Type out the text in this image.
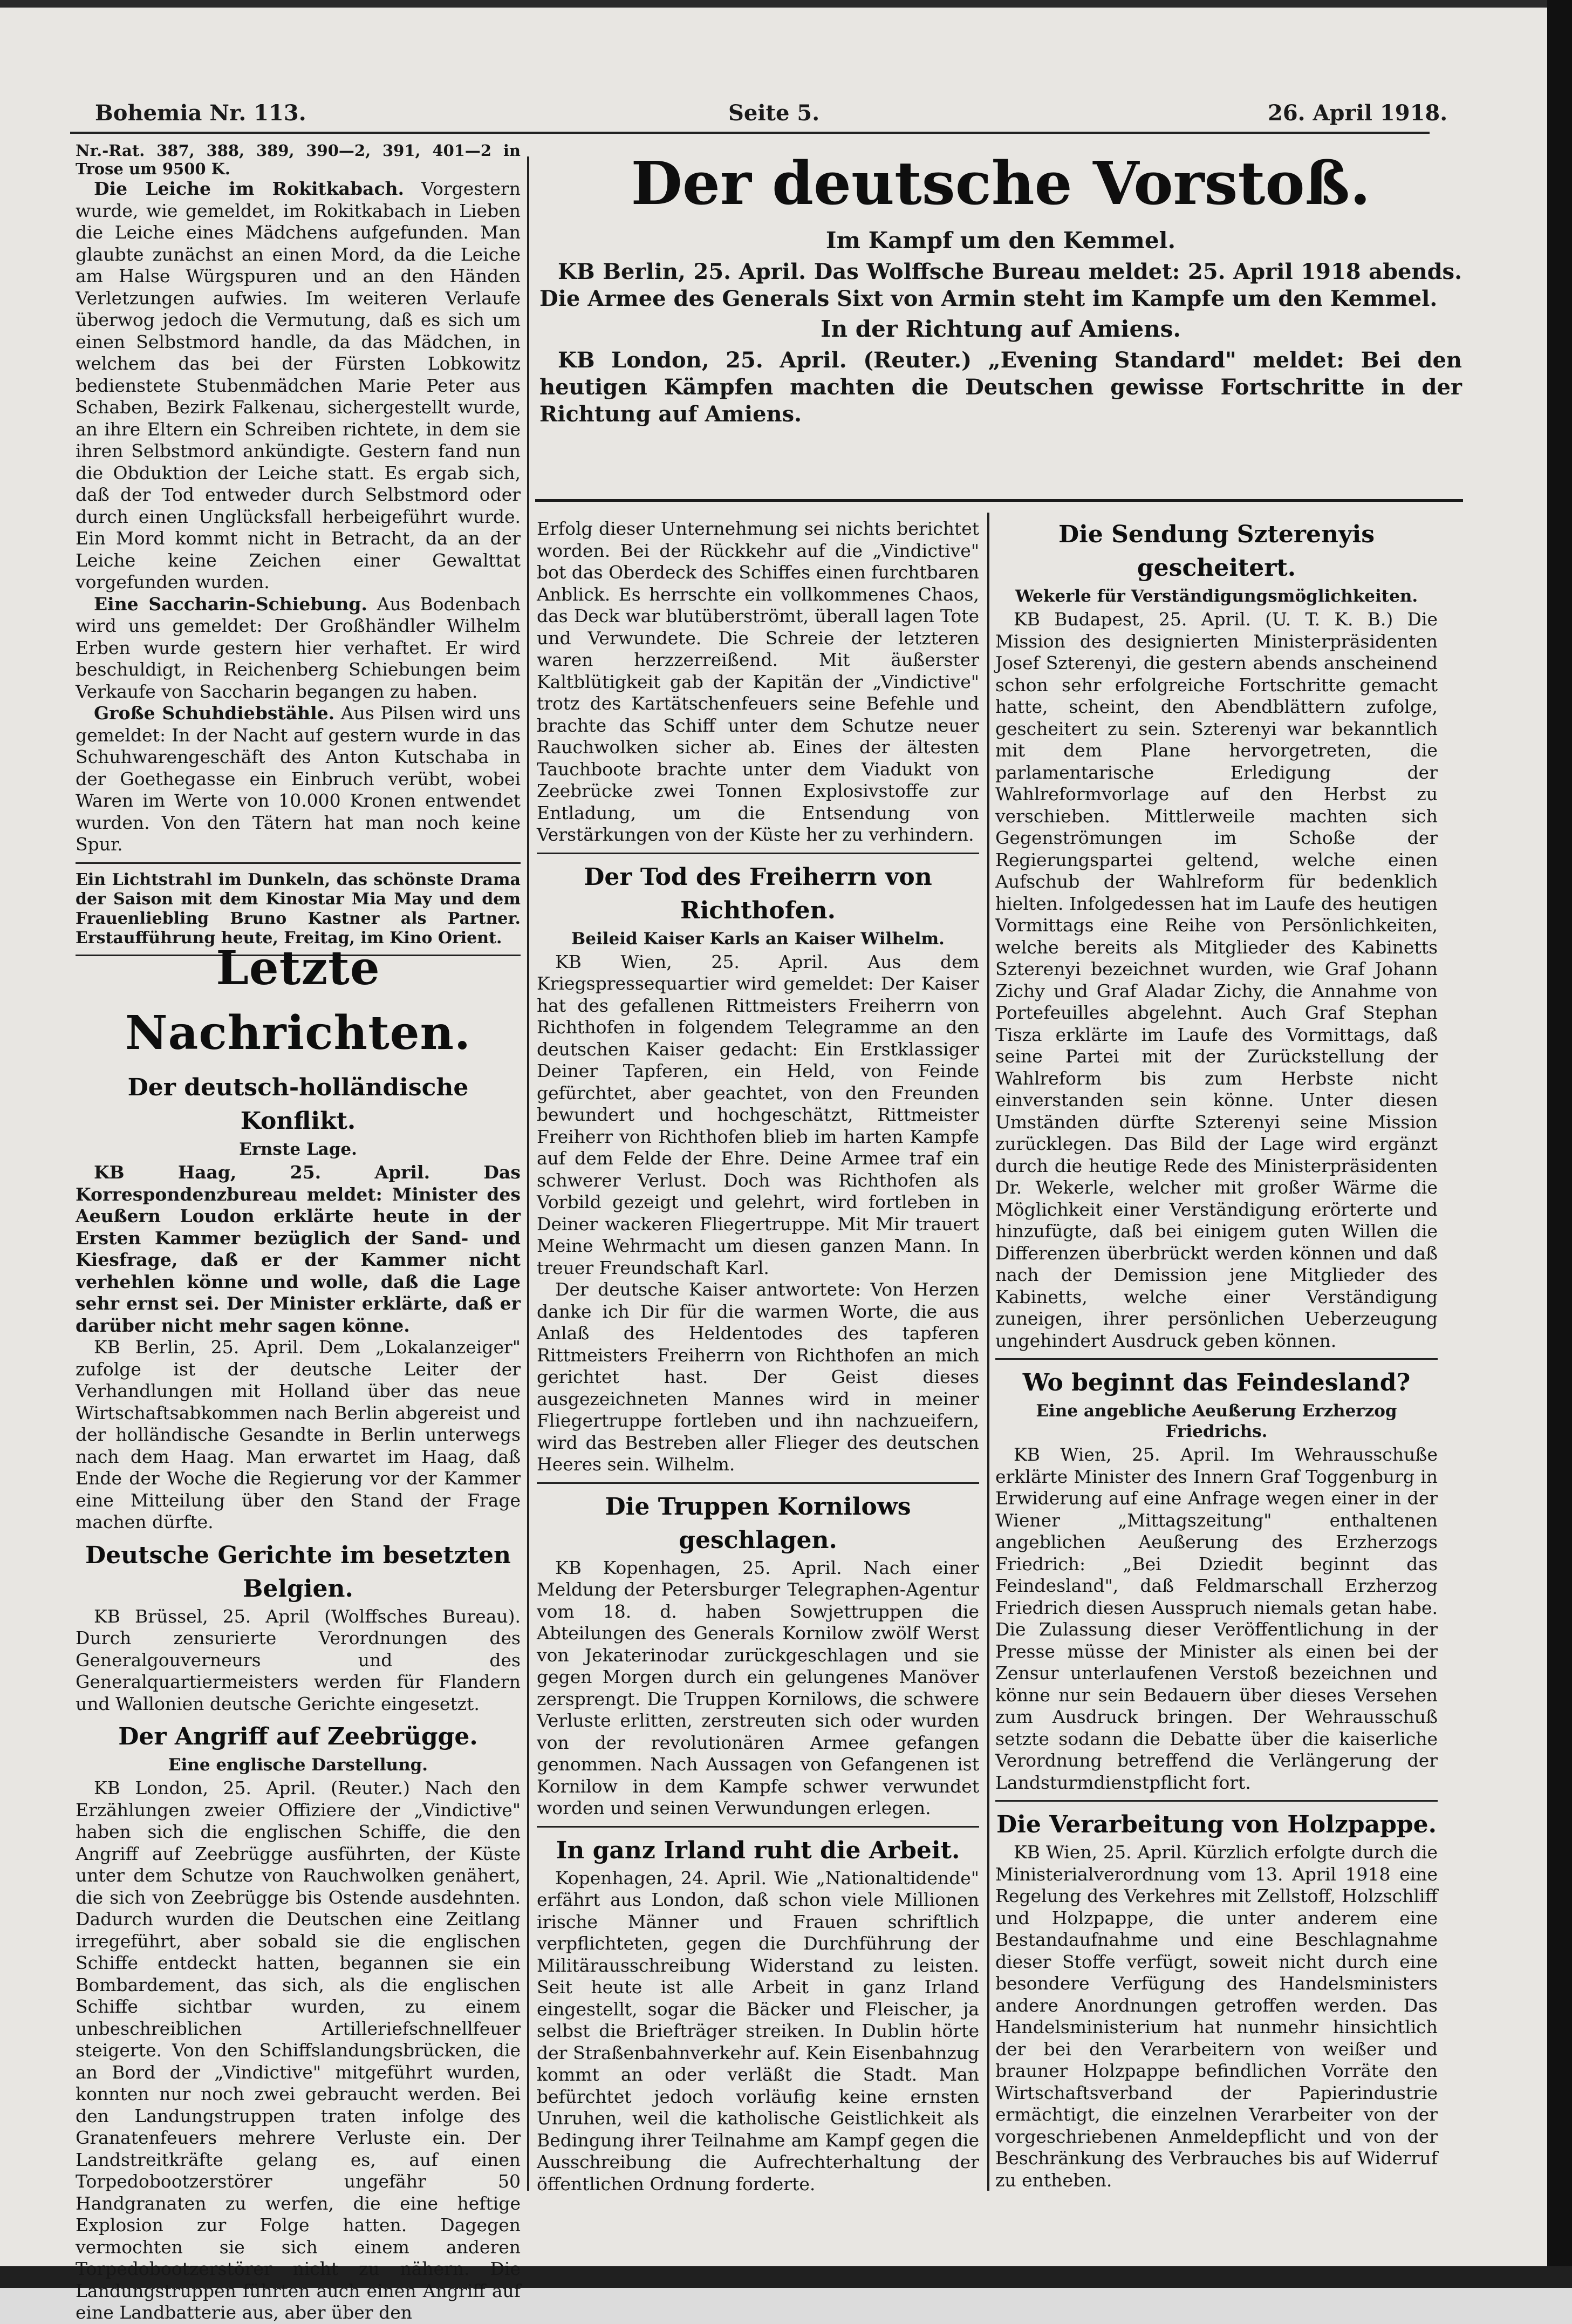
Bohemia Nr. 113.	Seite 5.	26. April 1918.

Nr.-Rat. 387, 388, 389, 390—2, 391, 401—2 in Trose um 9500 K.

Die Leiche im Rokitkabach. Vorgestern wurde, wie gemeldet, im Rokitkabach in Lieben die Leiche eines Mädchens aufgefunden. Man glaubte zunächst an einen Mord, da die Leiche am Halse Würgspuren und an den Händen Verletzungen aufwies. Im weiteren Verlaufe überwog jedoch die Vermutung, daß es sich um einen Selbstmord handle, da das Mädchen, in welchem das bei der Fürsten Lobkowitz bedienstete Stubenmädchen Marie Peter aus Schaben, Bezirk Falkenau, sichergestellt wurde, an ihre Eltern ein Schreiben richtete, in dem sie ihren Selbstmord ankündigte. Gestern fand nun die Obduktion der Leiche statt. Es ergab sich, daß der Tod entweder durch Selbstmord oder durch einen Unglücksfall herbeigeführt wurde. Ein Mord kommt nicht in Betracht, da an der Leiche keine Zeichen einer Gewalttat vorgefunden wurden.

Eine Saccharin-Schiebung. Aus Bodenbach wird uns gemeldet: Der Großhändler Wilhelm Erben wurde gestern hier verhaftet. Er wird beschuldigt, in Reichenberg Schiebungen beim Verkaufe von Saccharin begangen zu haben.

Große Schuhdiebstähle. Aus Pilsen wird uns gemeldet: In der Nacht auf gestern wurde in das Schuhwarengeschäft des Anton Kutschaba in der Goethegasse ein Einbruch verübt, wobei Waren im Werte von 10.000 Kronen entwendet wurden. Von den Tätern hat man noch keine Spur.

Ein Lichtstrahl im Dunkeln, das schönste Drama der Saison mit dem Kinostar Mia May und dem Frauenliebling Bruno Kastner als Partner. Erstaufführung heute, Freitag, im Kino Orient.

Letzte Nachrichten.
Der deutsch-holländische Konflikt.
Ernste Lage.

KB Haag, 25. April. Das Korrespondenzbureau meldet: Minister des Aeußern Loudon erklärte heute in der Ersten Kammer bezüglich der Sand- und Kiesfrage, daß er der Kammer nicht verhehlen könne und wolle, daß die Lage sehr ernst sei. Der Minister erklärte, daß er darüber nicht mehr sagen könne.

KB Berlin, 25. April. Dem „Lokalanzeiger" zufolge ist der deutsche Leiter der Verhandlungen mit Holland über das neue Wirtschaftsabkommen nach Berlin abgereist und der holländische Gesandte in Berlin unterwegs nach dem Haag. Man erwartet im Haag, daß Ende der Woche die Regierung vor der Kammer eine Mitteilung über den Stand der Frage machen dürfte.

Deutsche Gerichte im besetzten Belgien.

KB Brüssel, 25. April (Wolffsches Bureau). Durch zensurierte Verordnungen des Generalgouverneurs und des Generalquartiermeisters werden für Flandern und Wallonien deutsche Gerichte eingesetzt.

Der Angriff auf Zeebrügge.
Eine englische Darstellung.

KB London, 25. April. (Reuter.) Nach den Erzählungen zweier Offiziere der „Vindictive" haben sich die englischen Schiffe, die den Angriff auf Zeebrügge ausführten, der Küste unter dem Schutze von Rauchwolken genähert, die sich von Zeebrügge bis Ostende ausdehnten. Dadurch wurden die Deutschen eine Zeitlang irregeführt, aber sobald sie die englischen Schiffe entdeckt hatten, begannen sie ein Bombardement, das sich, als die englischen Schiffe sichtbar wurden, zu einem unbeschreiblichen Artilleriefschnellfeuer steigerte. Von den Schiffslandungsbrücken, die an Bord der „Vindictive" mitgeführt wurden, konnten nur noch zwei gebraucht werden. Bei den Landungstruppen traten infolge des Granatenfeuers mehrere Verluste ein. Der Landstreitkräfte gelang es, auf einen Torpedobootzerstörer ungefähr 50 Handgranaten zu werfen, die eine heftige Explosion zur Folge hatten. Dagegen vermochten sie sich einem anderen Torpedobootzerstörer nicht zu nähern. Die Landungstruppen führten auch einen Angriff auf eine Landbatterie aus, aber über den

Der deutsche Vorstoß.
Im Kampf um den Kemmel.

KB Berlin, 25. April. Das Wolffsche Bureau meldet: 25. April 1918 abends. Die Armee des Generals Sixt von Armin steht im Kampfe um den Kemmel.

In der Richtung auf Amiens.

KB London, 25. April. (Reuter.) „Evening Standard" meldet: Bei den heutigen Kämpfen machten die Deutschen gewisse Fortschritte in der Richtung auf Amiens.

Erfolg dieser Unternehmung sei nichts berichtet worden. Bei der Rückkehr auf die „Vindictive" bot das Oberdeck des Schiffes einen furchtbaren Anblick. Es herrschte ein vollkommenes Chaos, das Deck war blutüberströmt, überall lagen Tote und Verwundete. Die Schreie der letzteren waren herzzerreißend. Mit äußerster Kaltblütigkeit gab der Kapitän der „Vindictive" trotz des Kartätschenfeuers seine Befehle und brachte das Schiff unter dem Schutze neuer Rauchwolken sicher ab. Eines der ältesten Tauchboote brachte unter dem Viadukt von Zeebrücke zwei Tonnen Explosivstoffe zur Entladung, um die Entsendung von Verstärkungen von der Küste her zu verhindern.

Der Tod des Freiherrn von Richthofen.
Beileid Kaiser Karls an Kaiser Wilhelm.

KB Wien, 25. April. Aus dem Kriegspressequartier wird gemeldet: Der Kaiser hat des gefallenen Rittmeisters Freiherrn von Richthofen in folgendem Telegramme an den deutschen Kaiser gedacht: Ein Erstklassiger Deiner Tapferen, ein Held, von Feinde gefürchtet, aber geachtet, von den Freunden bewundert und hochgeschätzt, Rittmeister Freiherr von Richthofen blieb im harten Kampfe auf dem Felde der Ehre. Deine Armee traf ein schwerer Verlust. Doch was Richthofen als Vorbild gezeigt und gelehrt, wird fortleben in Deiner wackeren Fliegertruppe. Mit Mir trauert Meine Wehrmacht um diesen ganzen Mann. In treuer Freundschaft Karl.

Der deutsche Kaiser antwortete: Von Herzen danke ich Dir für die warmen Worte, die aus Anlaß des Heldentodes des tapferen Rittmeisters Freiherrn von Richthofen an mich gerichtet hast. Der Geist dieses ausgezeichneten Mannes wird in meiner Fliegertruppe fortleben und ihn nachzueifern, wird das Bestreben aller Flieger des deutschen Heeres sein. Wilhelm.

Die Truppen Kornilows geschlagen.

KB Kopenhagen, 25. April. Nach einer Meldung der Petersburger Telegraphen-Agentur vom 18. d. haben Sowjettruppen die Abteilungen des Generals Kornilow zwölf Werst von Jekaterinodar zurückgeschlagen und sie gegen Morgen durch ein gelungenes Manöver zersprengt. Die Truppen Kornilows, die schwere Verluste erlitten, zerstreuten sich oder wurden von der revolutionären Armee gefangen genommen. Nach Aussagen von Gefangenen ist Kornilow in dem Kampfe schwer verwundet worden und seinen Verwundungen erlegen.

In ganz Irland ruht die Arbeit.

Kopenhagen, 24. April. Wie „Nationaltidende" erfährt aus London, daß schon viele Millionen irische Männer und Frauen schriftlich verpflichteten, gegen die Durchführung der Militärausschreibung Widerstand zu leisten. Seit heute ist alle Arbeit in ganz Irland eingestellt, sogar die Bäcker und Fleischer, ja selbst die Briefträger streiken. In Dublin hörte der Straßenbahnverkehr auf. Kein Eisenbahnzug kommt an oder verläßt die Stadt. Man befürchtet jedoch vorläufig keine ernsten Unruhen, weil die katholische Geistlichkeit als Bedingung ihrer Teilnahme am Kampf gegen die Ausschreibung die Aufrechterhaltung der öffentlichen Ordnung forderte.

Die Sendung Szterenyis gescheitert.
Wekerle für Verständigungsmöglichkeiten.

KB Budapest, 25. April. (U. T. K. B.) Die Mission des designierten Ministerpräsidenten Josef Szterenyi, die gestern abends anscheinend schon sehr erfolgreiche Fortschritte gemacht hatte, scheint, den Abendblättern zufolge, gescheitert zu sein. Szterenyi war bekanntlich mit dem Plane hervorgetreten, die parlamentarische Erledigung der Wahlreformvorlage auf den Herbst zu verschieben. Mittlerweile machten sich Gegenströmungen im Schoße der Regierungspartei geltend, welche einen Aufschub der Wahlreform für bedenklich hielten. Infolgedessen hat im Laufe des heutigen Vormittags eine Reihe von Persönlichkeiten, welche bereits als Mitglieder des Kabinetts Szterenyi bezeichnet wurden, wie Graf Johann Zichy und Graf Aladar Zichy, die Annahme von Portefeuilles abgelehnt. Auch Graf Stephan Tisza erklärte im Laufe des Vormittags, daß seine Partei mit der Zurückstellung der Wahlreform bis zum Herbste nicht einverstanden sein könne. Unter diesen Umständen dürfte Szterenyi seine Mission zurücklegen. Das Bild der Lage wird ergänzt durch die heutige Rede des Ministerpräsidenten Dr. Wekerle, welcher mit großer Wärme die Möglichkeit einer Verständigung erörterte und hinzufügte, daß bei einigem guten Willen die Differenzen überbrückt werden können und daß nach der Demission jene Mitglieder des Kabinetts, welche einer Verständigung zuneigen, ihrer persönlichen Ueberzeugung ungehindert Ausdruck geben können.

Wo beginnt das Feindesland?
Eine angebliche Aeußerung Erzherzog Friedrichs.

KB Wien, 25. April. Im Wehrausschuße erklärte Minister des Innern Graf Toggenburg in Erwiderung auf eine Anfrage wegen einer in der Wiener „Mittagszeitung" enthaltenen angeblichen Aeußerung des Erzherzogs Friedrich: „Bei Dziedit beginnt das Feindesland", daß Feldmarschall Erzherzog Friedrich diesen Ausspruch niemals getan habe. Die Zulassung dieser Veröffentlichung in der Presse müsse der Minister als einen bei der Zensur unterlaufenen Verstoß bezeichnen und könne nur sein Bedauern über dieses Versehen zum Ausdruck bringen. Der Wehrausschuß setzte sodann die Debatte über die kaiserliche Verordnung betreffend die Verlängerung der Landsturmdienstpflicht fort.

Die Verarbeitung von Holzpappe.

KB Wien, 25. April. Kürzlich erfolgte durch die Ministerialverordnung vom 13. April 1918 eine Regelung des Verkehres mit Zellstoff, Holzschliff und Holzpappe, die unter anderem eine Bestandaufnahme und eine Beschlagnahme dieser Stoffe verfügt, soweit nicht durch eine besondere Verfügung des Handelsministers andere Anordnungen getroffen werden. Das Handelsministerium hat nunmehr hinsichtlich der bei den Verarbeitern von weißer und brauner Holzpappe befindlichen Vorräte den Wirtschaftsverband der Papierindustrie ermächtigt, die einzelnen Verarbeiter von der vorgeschriebenen Anmeldepflicht und von der Beschränkung des Verbrauches bis auf Widerruf zu entheben.
